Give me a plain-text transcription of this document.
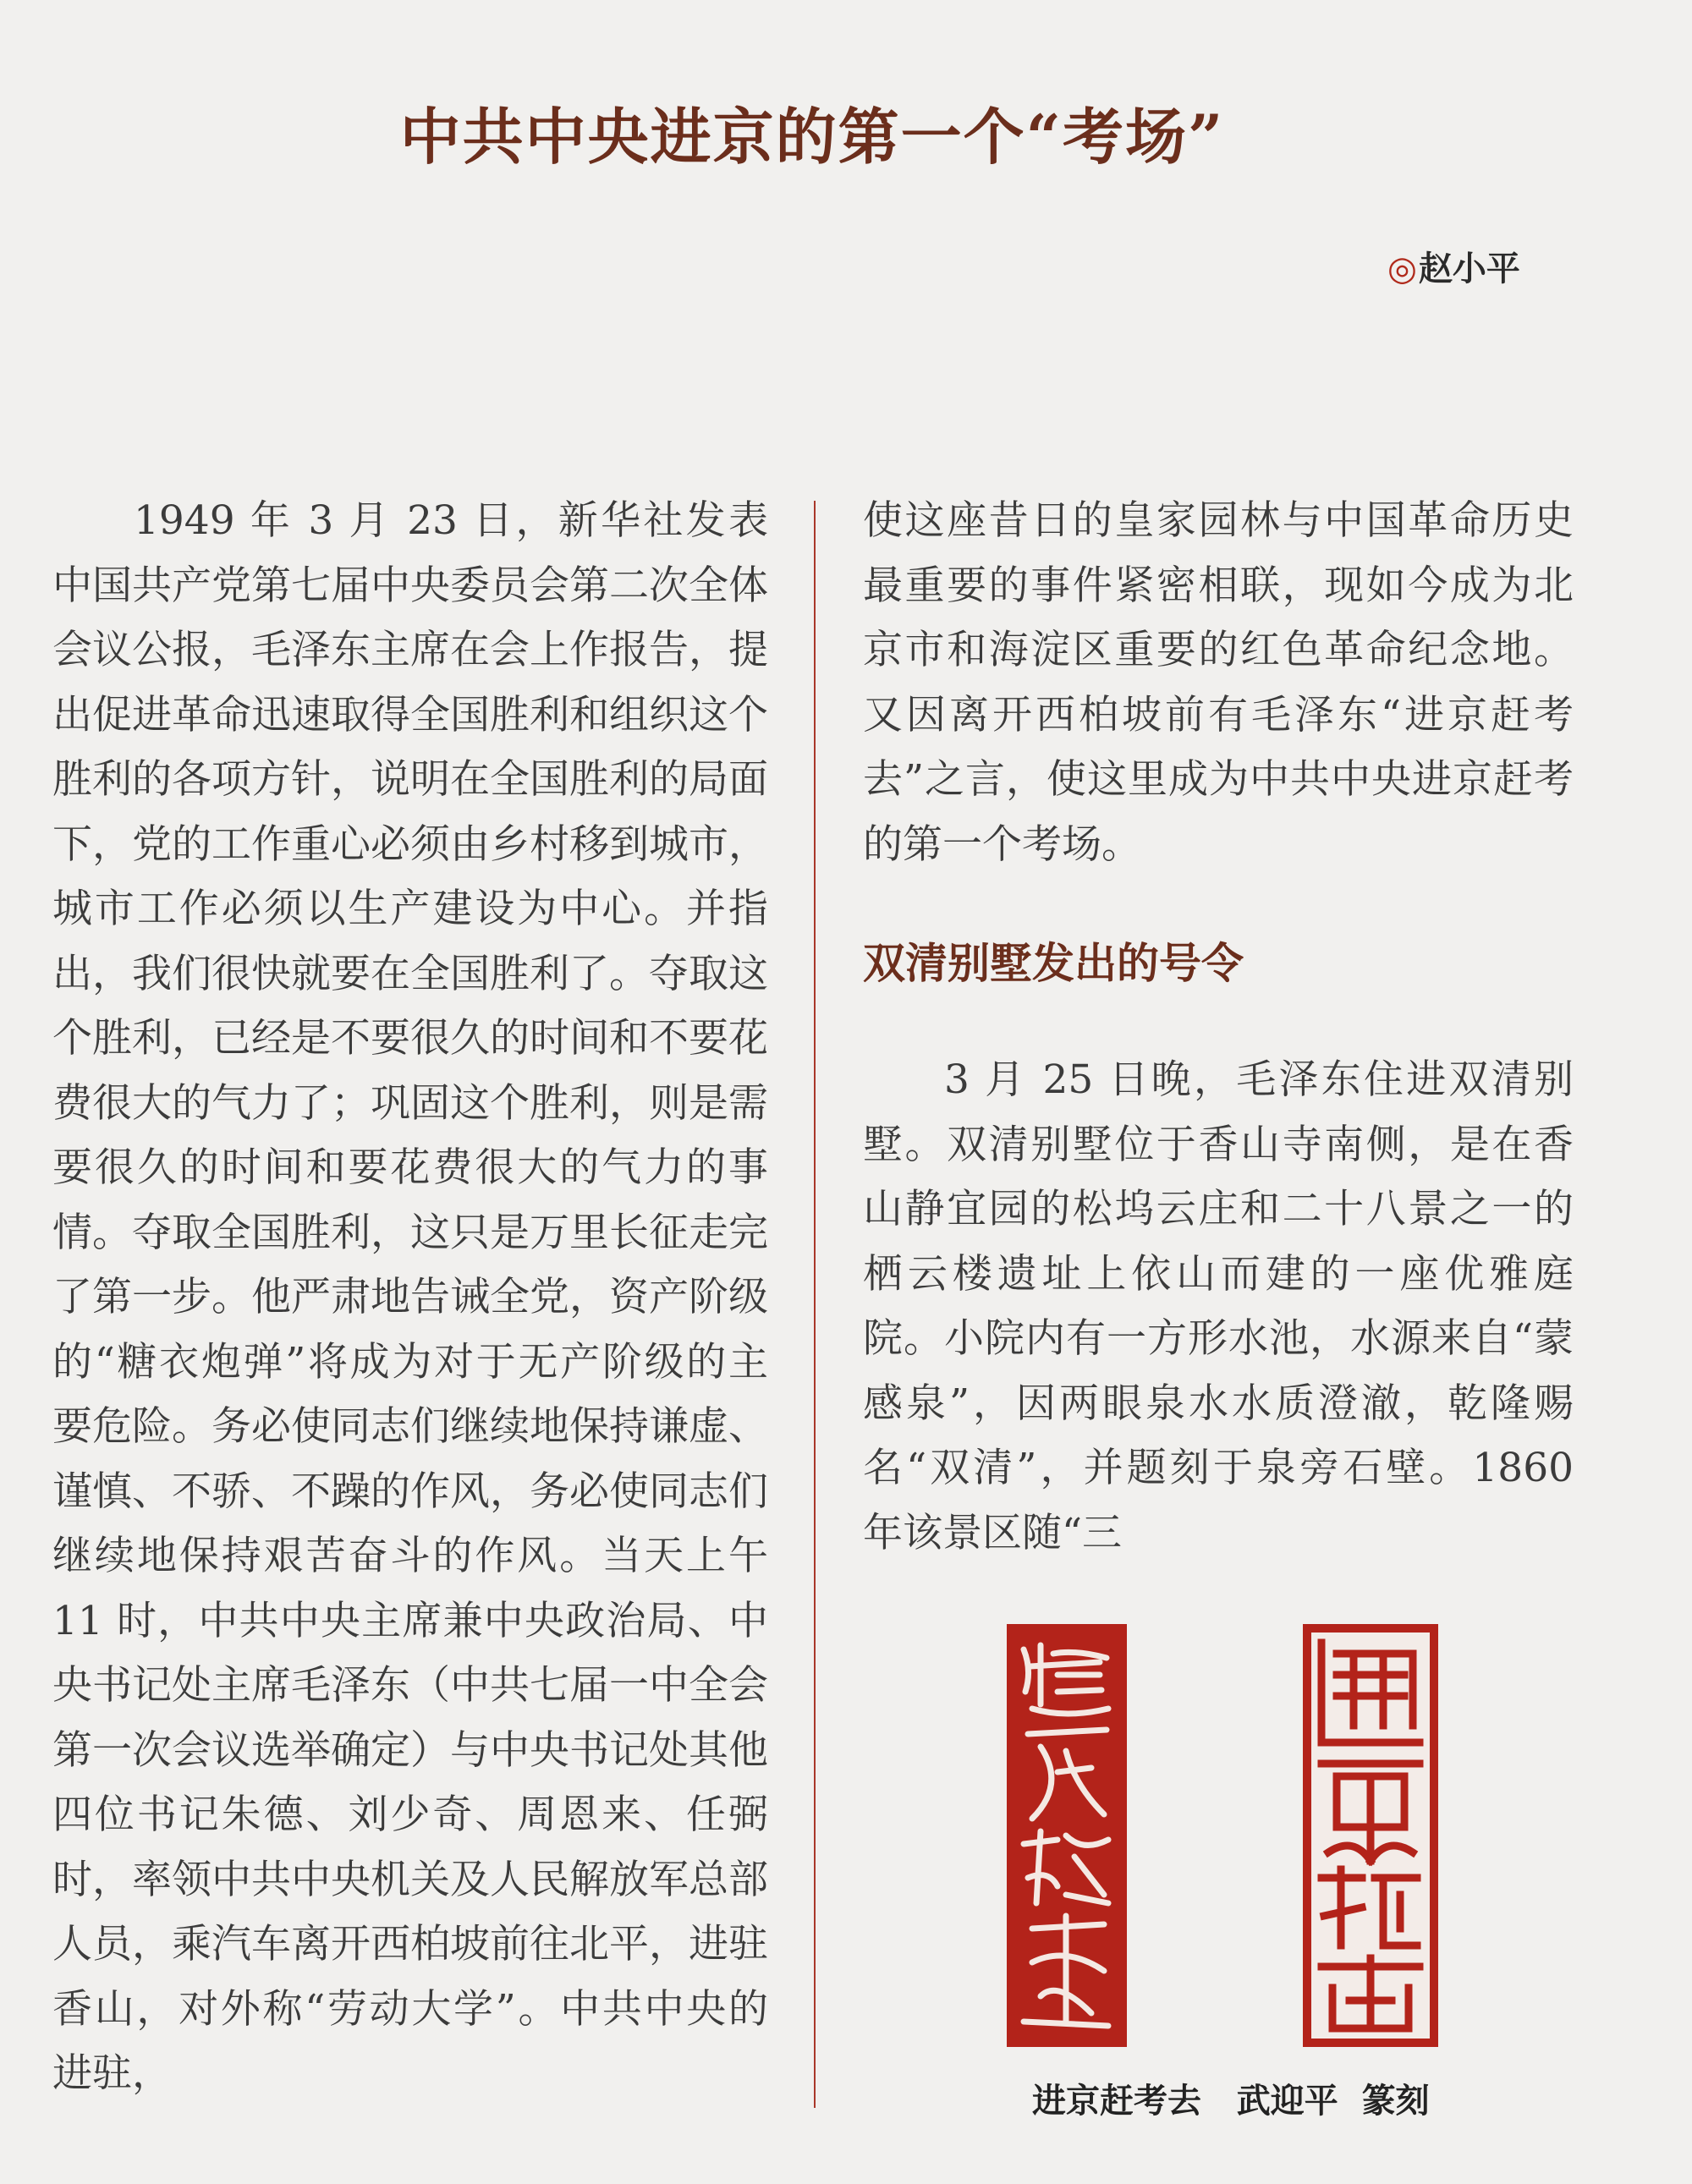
中共中央进京的第一个“考场”
◎赵小平

1949 年 3 月 23 日，新华社发表中国共产党第七届中央委员会第二次全体会议公报，毛泽东主席在会上作报告，提出促进革命迅速取得全国胜利和组织这个胜利的各项方针，说明在全国胜利的局面下，党的工作重心必须由乡村移到城市，城市工作必须以生产建设为中心。并指出，我们很快就要在全国胜利了。夺取这个胜利，已经是不要很久的时间和不要花费很大的气力了；巩固这个胜利，则是需要很久的时间和要花费很大的气力的事情。夺取全国胜利，这只是万里长征走完了第一步。他严肃地告诫全党，资产阶级的“糖衣炮弹”将成为对于无产阶级的主要危险。务必使同志们继续地保持谦虚、谨慎、不骄、不躁的作风，务必使同志们继续地保持艰苦奋斗的作风。当天上午 11 时，中共中央主席兼中央政治局、中央书记处主席毛泽东（中共七届一中全会第一次会议选举确定）与中央书记处其他四位书记朱德、刘少奇、周恩来、任弼时，率领中共中央机关及人民解放军总部人员，乘汽车离开西柏坡前往北平，进驻香山，对外称“劳动大学”。中共中央的进驻，

使这座昔日的皇家园林与中国革命历史最重要的事件紧密相联，现如今成为北京市和海淀区重要的红色革命纪念地。又因离开西柏坡前有毛泽东“进京赶考去”之言，使这里成为中共中央进京赶考的第一个考场。

双清别墅发出的号令

3 月 25 日晚，毛泽东住进双清别墅。双清别墅位于香山寺南侧，是在香山静宜园的松坞云庄和二十八景之一的栖云楼遗址上依山而建的一座优雅庭院。小院内有一方形水池，水源来自“蒙感泉”，因两眼泉水水质澄澈，乾隆赐名“双清”，并题刻于泉旁石壁。1860 年该景区随“三

进京赶考去 武迎平 篆刻
